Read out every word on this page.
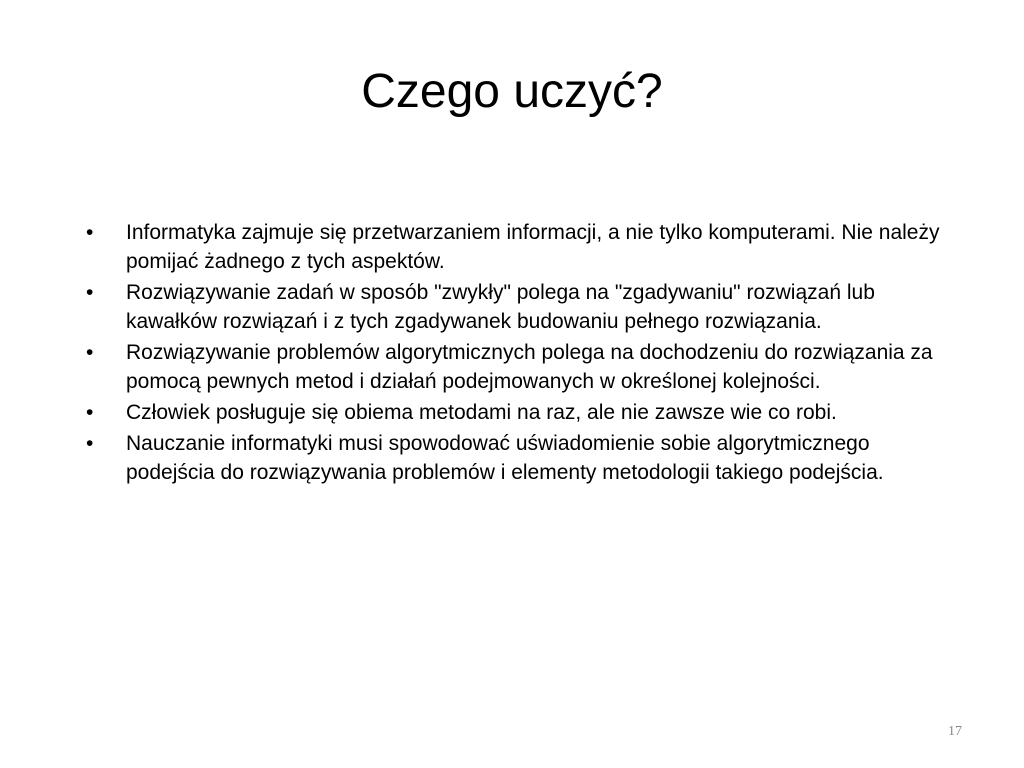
Czego uczyć?
•	Informatyka zajmuje się przetwarzaniem informacji, a nie tylko komputerami. Nie należy pomijać żadnego z tych aspektów.
•	Rozwiązywanie zadań w sposób "zwykły" polega na "zgadywaniu" rozwiązań lub kawałków rozwiązań i z tych zgadywanek budowaniu pełnego rozwiązania.
•	Rozwiązywanie problemów algorytmicznych polega na dochodzeniu do rozwiązania za pomocą pewnych metod i działań podejmowanych w określonej kolejności.
•	Człowiek posługuje się obiema metodami na raz, ale nie zawsze wie co robi.
•	Nauczanie informatyki musi spowodować uświadomienie sobie algorytmicznego podejścia do rozwiązywania problemów i elementy metodologii takiego podejścia.
17
